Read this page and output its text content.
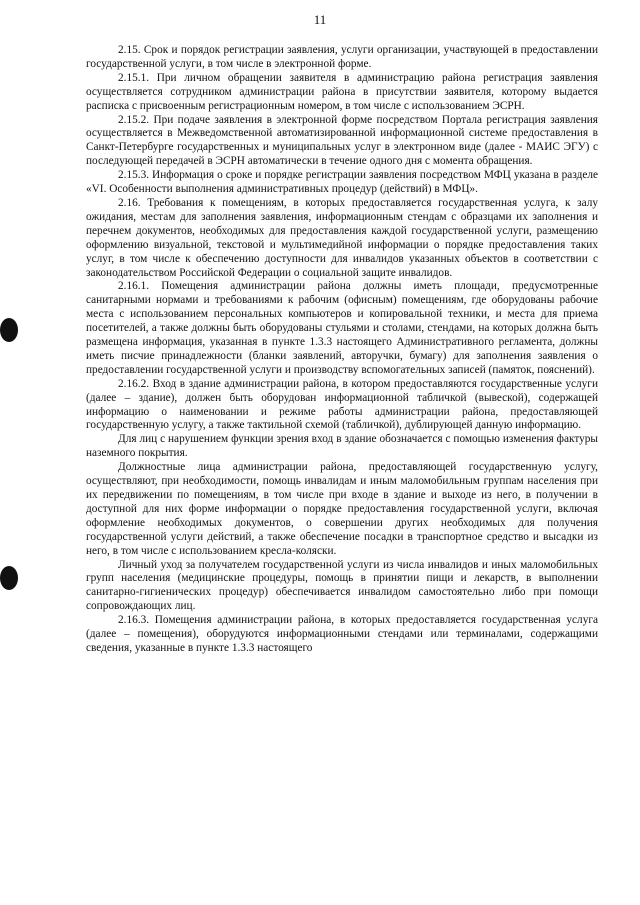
11

2.15. Срок и порядок регистрации заявления, услуги организации, участвующей в предоставлении государственной услуги, в том числе в электронной форме.

2.15.1. При личном обращении заявителя в администрацию района регистрация заявления осуществляется сотрудником администрации района в присутствии заявителя, которому выдается расписка с присвоенным регистрационным номером, в том числе с использованием ЭСРН.

2.15.2. При подаче заявления в электронной форме посредством Портала регистрация заявления осуществляется в Межведомственной автоматизированной информационной системе предоставления в Санкт-Петербурге государственных и муниципальных услуг в электронном виде (далее - МАИС ЭГУ) с последующей передачей в ЭСРН автоматически в течение одного дня с момента обращения.

2.15.3. Информация о сроке и порядке регистрации заявления посредством МФЦ указана в разделе «VI. Особенности выполнения административных процедур (действий) в МФЦ».

2.16. Требования к помещениям, в которых предоставляется государственная услуга, к залу ожидания, местам для заполнения заявления, информационным стендам с образцами их заполнения и перечнем документов, необходимых для предоставления каждой государственной услуги, размещению оформлению визуальной, текстовой и мультимедийной информации о порядке предоставления таких услуг, в том числе к обеспечению доступности для инвалидов указанных объектов в соответствии с законодательством Российской Федерации о социальной защите инвалидов.

2.16.1. Помещения администрации района должны иметь площади, предусмотренные санитарными нормами и требованиями к рабочим (офисным) помещениям, где оборудованы рабочие места с использованием персональных компьютеров и копировальной техники, и места для приема посетителей, а также должны быть оборудованы стульями и столами, стендами, на которых должна быть размещена информация, указанная в пункте 1.3.3 настоящего Административного регламента, должны иметь писчие принадлежности (бланки заявлений, авторучки, бумагу) для заполнения заявления о предоставлении государственной услуги и производству вспомогательных записей (памяток, пояснений).

2.16.2. Вход в здание администрации района, в котором предоставляются государственные услуги (далее – здание), должен быть оборудован информационной табличкой (вывеской), содержащей информацию о наименовании и режиме работы администрации района, предоставляющей государственную услугу, а также тактильной схемой (табличкой), дублирующей данную информацию.

Для лиц с нарушением функции зрения вход в здание обозначается с помощью изменения фактуры наземного покрытия.

Должностные лица администрации района, предоставляющей государственную услугу, осуществляют, при необходимости, помощь инвалидам и иным маломобильным группам населения при их передвижении по помещениям, в том числе при входе в здание и выходе из него, в получении в доступной для них форме информации о порядке предоставления государственной услуги, включая оформление необходимых документов, о совершении других необходимых для получения государственной услуги действий, а также обеспечение посадки в транспортное средство и высадки из него, в том числе с использованием кресла-коляски.

Личный уход за получателем государственной услуги из числа инвалидов и иных маломобильных групп населения (медицинские процедуры, помощь в принятии пищи и лекарств, в выполнении санитарно-гигиенических процедур) обеспечивается инвалидом самостоятельно либо при помощи сопровождающих лиц.

2.16.3. Помещения администрации района, в которых предоставляется государственная услуга (далее – помещения), оборудуются информационными стендами или терминалами, содержащими сведения, указанные в пункте 1.3.3 настоящего
